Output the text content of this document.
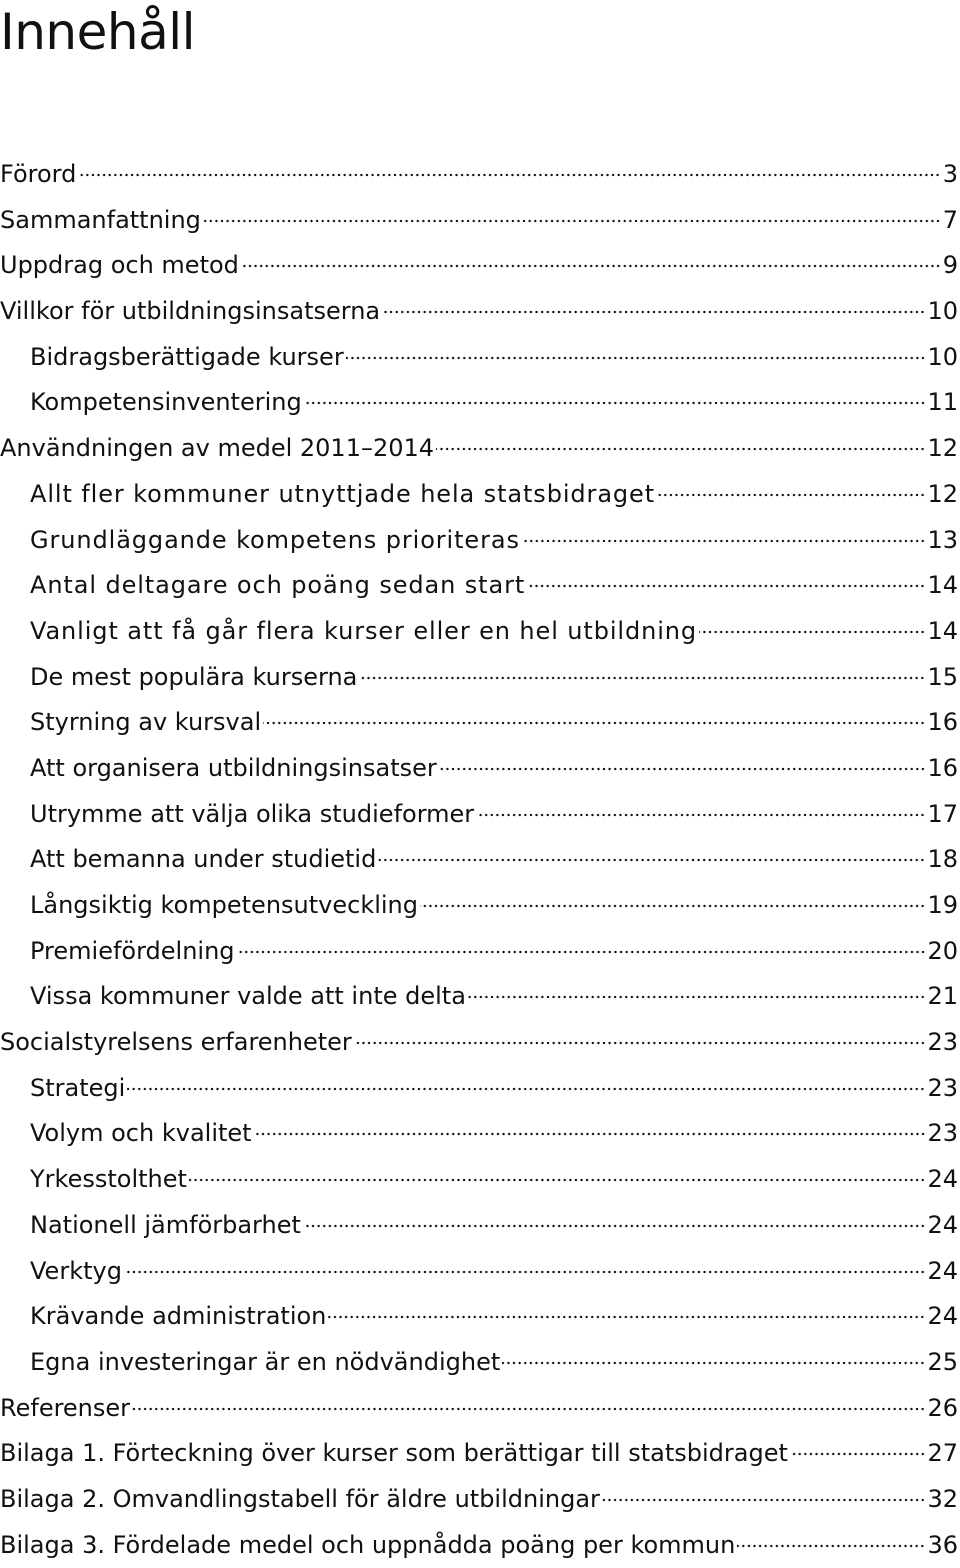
Innehåll
Förord	3
Sammanfattning	7
Uppdrag och metod	9
Villkor för utbildningsinsatserna	10
Bidragsberättigade kurser	10
Kompetensinventering	11
Användningen av medel 2011–2014	12
Allt fler kommuner utnyttjade hela statsbidraget	12
Grundläggande kompetens prioriteras	13
Antal deltagare och poäng sedan start	14
Vanligt att få går flera kurser eller en hel utbildning	14
De mest populära kurserna	15
Styrning av kursval	16
Att organisera utbildningsinsatser	16
Utrymme att välja olika studieformer	17
Att bemanna under studietid	18
Långsiktig kompetensutveckling	19
Premiefördelning	20
Vissa kommuner valde att inte delta	21
Socialstyrelsens erfarenheter	23
Strategi	23
Volym och kvalitet	23
Yrkesstolthet	24
Nationell jämförbarhet	24
Verktyg	24
Krävande administration	24
Egna investeringar är en nödvändighet	25
Referenser	26
Bilaga 1. Förteckning över kurser som berättigar till statsbidraget	27
Bilaga 2. Omvandlingstabell för äldre utbildningar	32
Bilaga 3. Fördelade medel och uppnådda poäng per kommun	36
